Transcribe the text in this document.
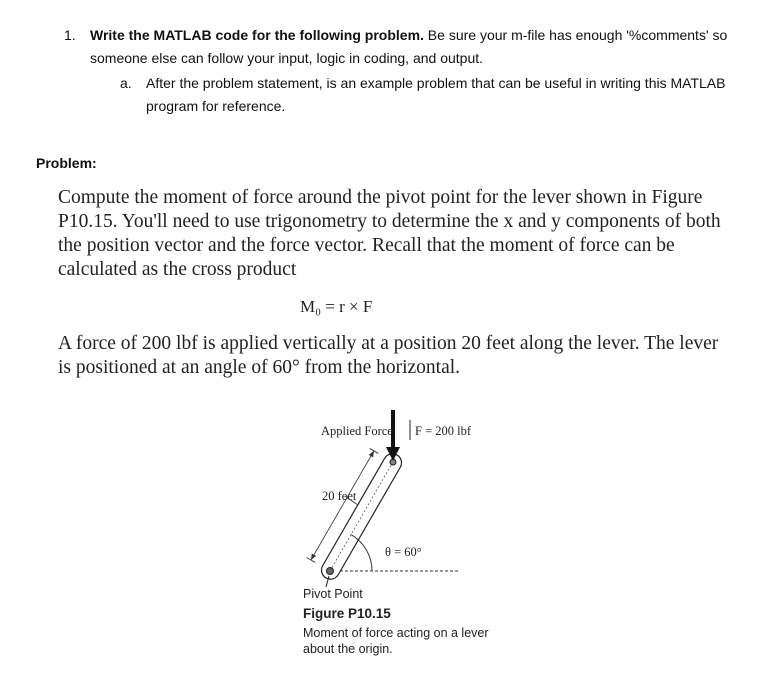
1. Write the MATLAB code for the following problem. Be sure your m-file has enough '%comments' so someone else can follow your input, logic in coding, and output.
a. After the problem statement, is an example problem that can be useful in writing this MATLAB program for reference.
Problem:
Compute the moment of force around the pivot point for the lever shown in Figure P10.15. You'll need to use trigonometry to determine the x and y components of both the position vector and the force vector. Recall that the moment of force can be calculated as the cross product
M₀ = r × F
A force of 200 lbf is applied vertically at a position 20 feet along the lever. The lever is positioned at an angle of 60° from the horizontal.
Applied Force F = 200 lbf
20 feet
θ = 60°
Pivot Point
Figure P10.15
Moment of force acting on a lever about the origin.
